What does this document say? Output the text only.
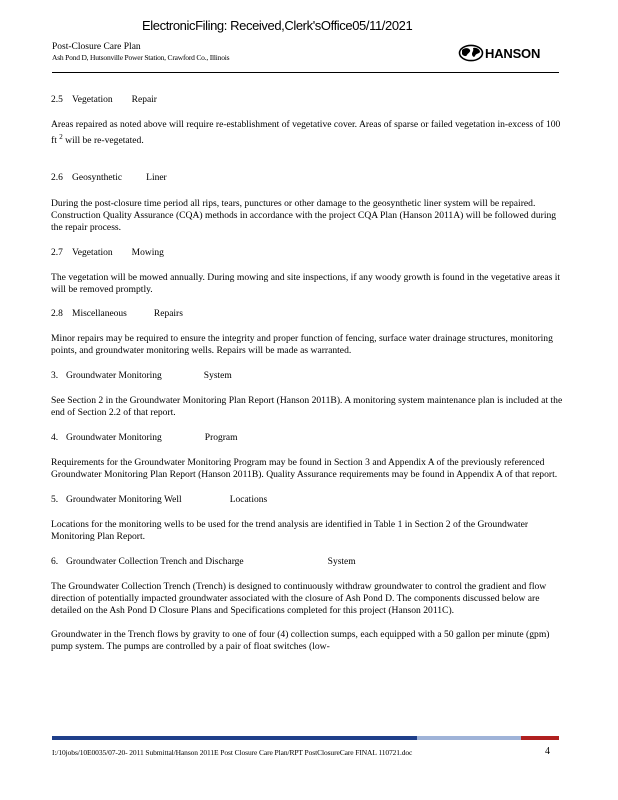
ElectronicFiling: Received,Clerk'sOffice05/11/2021
Post-Closure Care Plan
Ash Pond D, Hutsonville Power Station, Crawford Co., Illinois	HANSON
2.5 Vegetation Repair

Areas repaired as noted above will require re-establishment of vegetative cover. Areas of sparse or failed vegetation in-excess of 100 ft $^2$ will be re-vegetated.

2.6 Geosynthetic	Liner

During the post-closure time period all rips, tears, punctures or other damage to the geosynthetic liner system will be repaired. Construction Quality Assurance (CQA) methods in accordance with the project CQA Plan (Hanson 2011A) will be followed during the repair process.

2.7 Vegetation Mowing

The vegetation will be mowed annually. During mowing and site inspections, if any woody growth is found in the vegetative areas it will be removed promptly.

2.8 Miscellaneous	Repairs

Minor repairs may be required to ensure the integrity and proper function of fencing, surface water drainage structures, monitoring points, and groundwater monitoring wells. Repairs will be made as warranted.

3. Groundwater Monitoring	System

See Section 2 in the Groundwater Monitoring Plan Report (Hanson 2011B). A monitoring system maintenance plan is included at the end of Section 2.2 of that report.

4. Groundwater Monitoring	Program

Requirements for the Groundwater Monitoring Program may be found in Section 3 and Appendix A of the previously referenced Groundwater Monitoring Plan Report (Hanson 2011B). Quality Assurance requirements may be found in Appendix A of that report.

5. Groundwater Monitoring Well	Locations

Locations for the monitoring wells to be used for the trend analysis are identified in Table 1 in Section 2 of the Groundwater Monitoring Plan Report.

6. Groundwater Collection Trench and Discharge	System

The Groundwater Collection Trench (Trench) is designed to continuously withdraw groundwater to control the gradient and flow direction of potentially impacted groundwater associated with the closure of Ash Pond D. The components discussed below are detailed on the Ash Pond D Closure Plans and Specifications completed for this project (Hanson 2011C).

Groundwater in the Trench flows by gravity to one of four (4) collection sumps, each equipped with a 50 gallon per minute (gpm) pump system. The pumps are controlled by a pair of float switches (low-

I:/10jobs/10E0035/07-20- 2011 Submittal/Hanson 2011E Post Closure Care Plan/RPT PostClosureCare FINAL 110721.doc	4
